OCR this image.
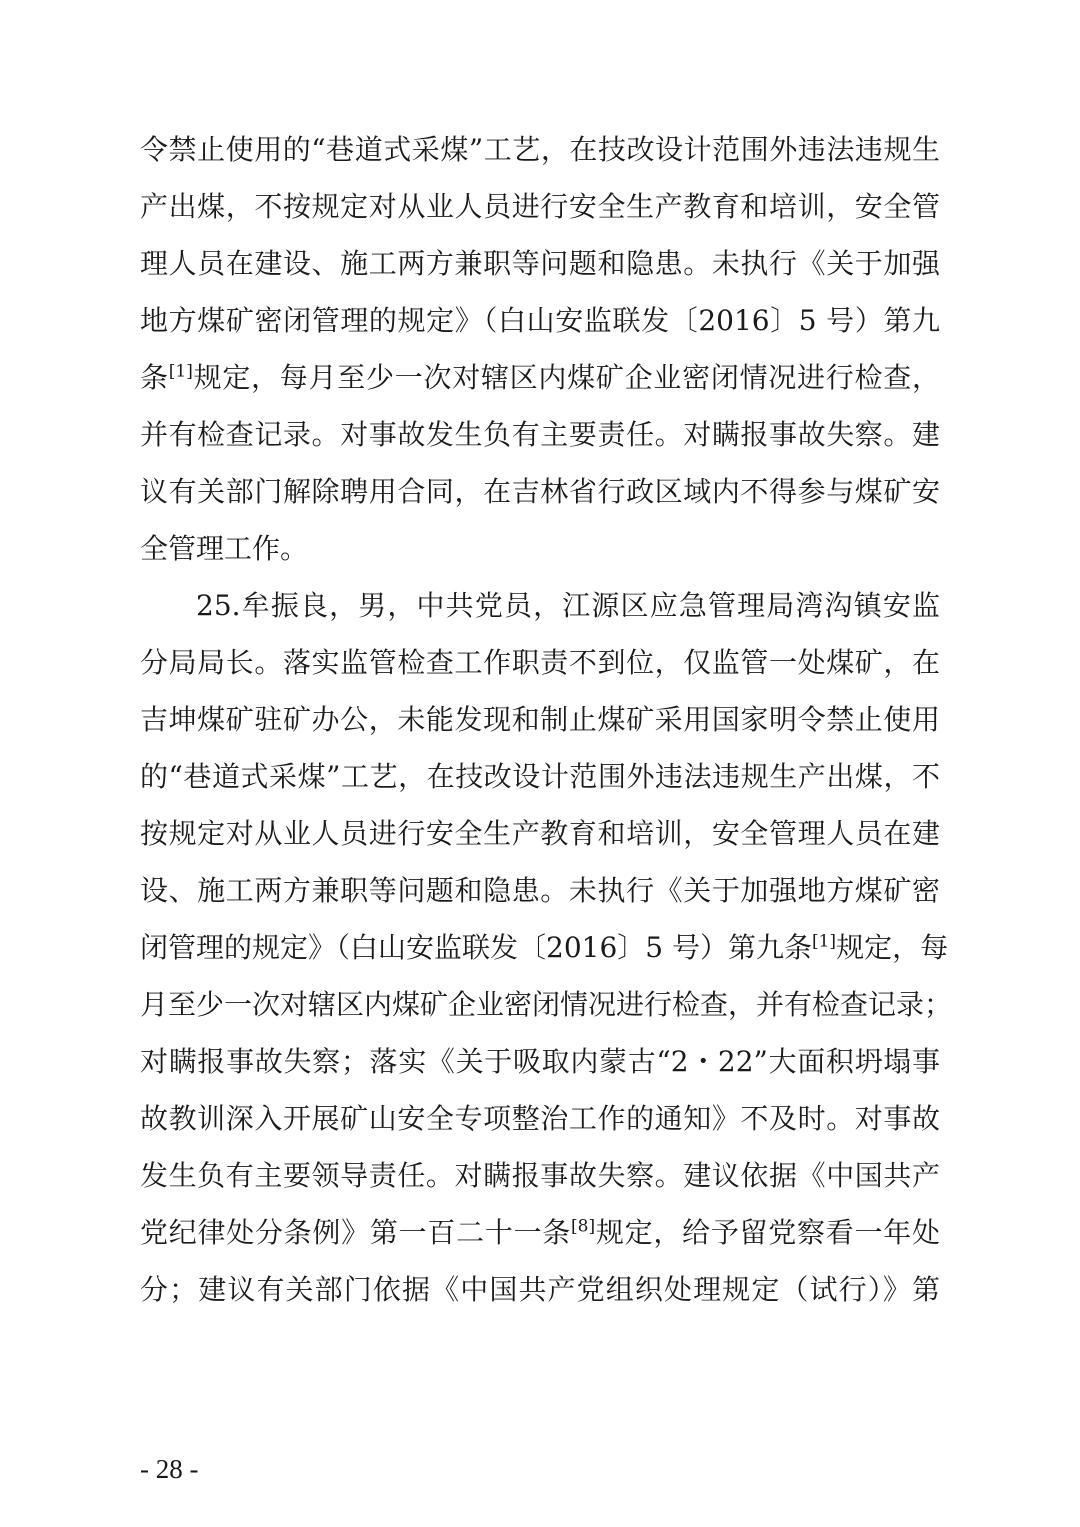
令禁止使用的“巷道式采煤”工艺，在技改设计范围外违法违规生
产出煤，不按规定对从业人员进行安全生产教育和培训，安全管
理人员在建设、施工两方兼职等问题和隐患。未执行《关于加强
地方煤矿密闭管理的规定》（白山安监联发〔2016〕5 号）第九
条[1]规定，每月至少一次对辖区内煤矿企业密闭情况进行检查，
并有检查记录。对事故发生负有主要责任。对瞒报事故失察。建
议有关部门解除聘用合同，在吉林省行政区域内不得参与煤矿安
全管理工作。
25.牟振良，男，中共党员，江源区应急管理局湾沟镇安监
分局局长。落实监管检查工作职责不到位，仅监管一处煤矿，在
吉坤煤矿驻矿办公，未能发现和制止煤矿采用国家明令禁止使用
的“巷道式采煤”工艺，在技改设计范围外违法违规生产出煤，不
按规定对从业人员进行安全生产教育和培训，安全管理人员在建
设、施工两方兼职等问题和隐患。未执行《关于加强地方煤矿密
闭管理的规定》（白山安监联发〔2016〕5 号）第九条[1]规定，每
月至少一次对辖区内煤矿企业密闭情况进行检查，并有检查记录；
对瞒报事故失察；落实《关于吸取内蒙古“2・22”大面积坍塌事
故教训深入开展矿山安全专项整治工作的通知》不及时。对事故
发生负有主要领导责任。对瞒报事故失察。建议依据《中国共产
党纪律处分条例》第一百二十一条[8]规定，给予留党察看一年处
分；建议有关部门依据《中国共产党组织处理规定（试行）》第
- 28 -
